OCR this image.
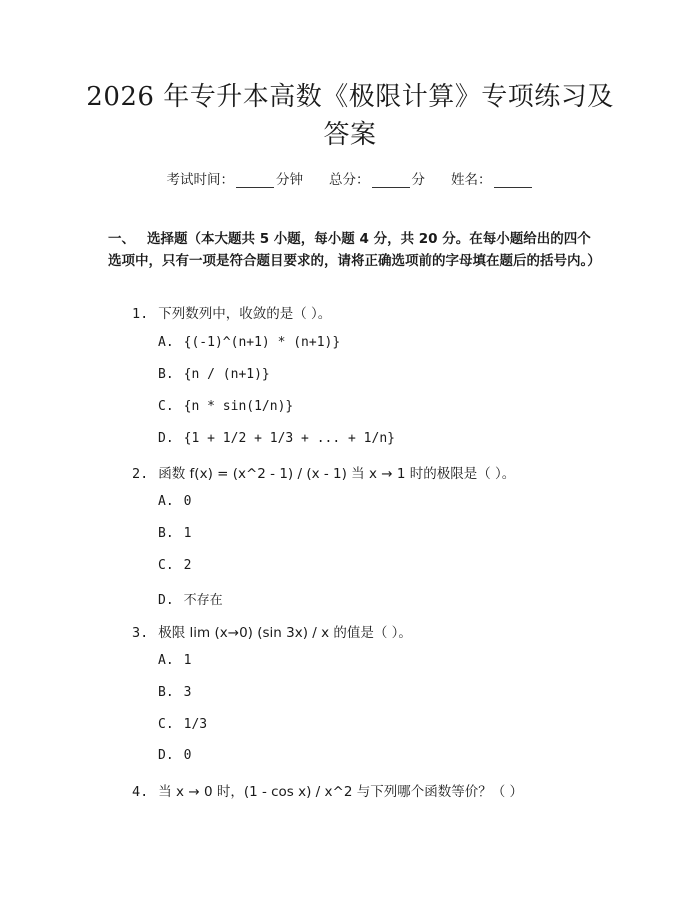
2026 年专升本高数《极限计算》专项练习及
答案
考试时间：	分钟 总分：	分 姓名：
一、 选择题（本大题共 5 小题，每小题 4 分，共 20 分。在每小题给出的四个选项中，只有一项是符合题目要求的，请将正确选项前的字母填在题后的括号内。）
1. 下列数列中，收敛的是（ ）。
A. {(-1)^(n+1) * (n+1)}
B. {n / (n+1)}
C. {n * sin(1/n)}
D. {1 + 1/2 + 1/3 + ... + 1/n}
2. 函数 f(x) = (x^2 - 1) / (x - 1) 当 x → 1 时的极限是（ ）。
A. 0
B. 1
C. 2
D. 不存在
3. 极限 lim (x→0) (sin 3x) / x 的值是（ ）。
A. 1
B. 3
C. 1/3
D. 0
4. 当 x → 0 时，(1 - cos x) / x^2 与下列哪个函数等价？（ ）
